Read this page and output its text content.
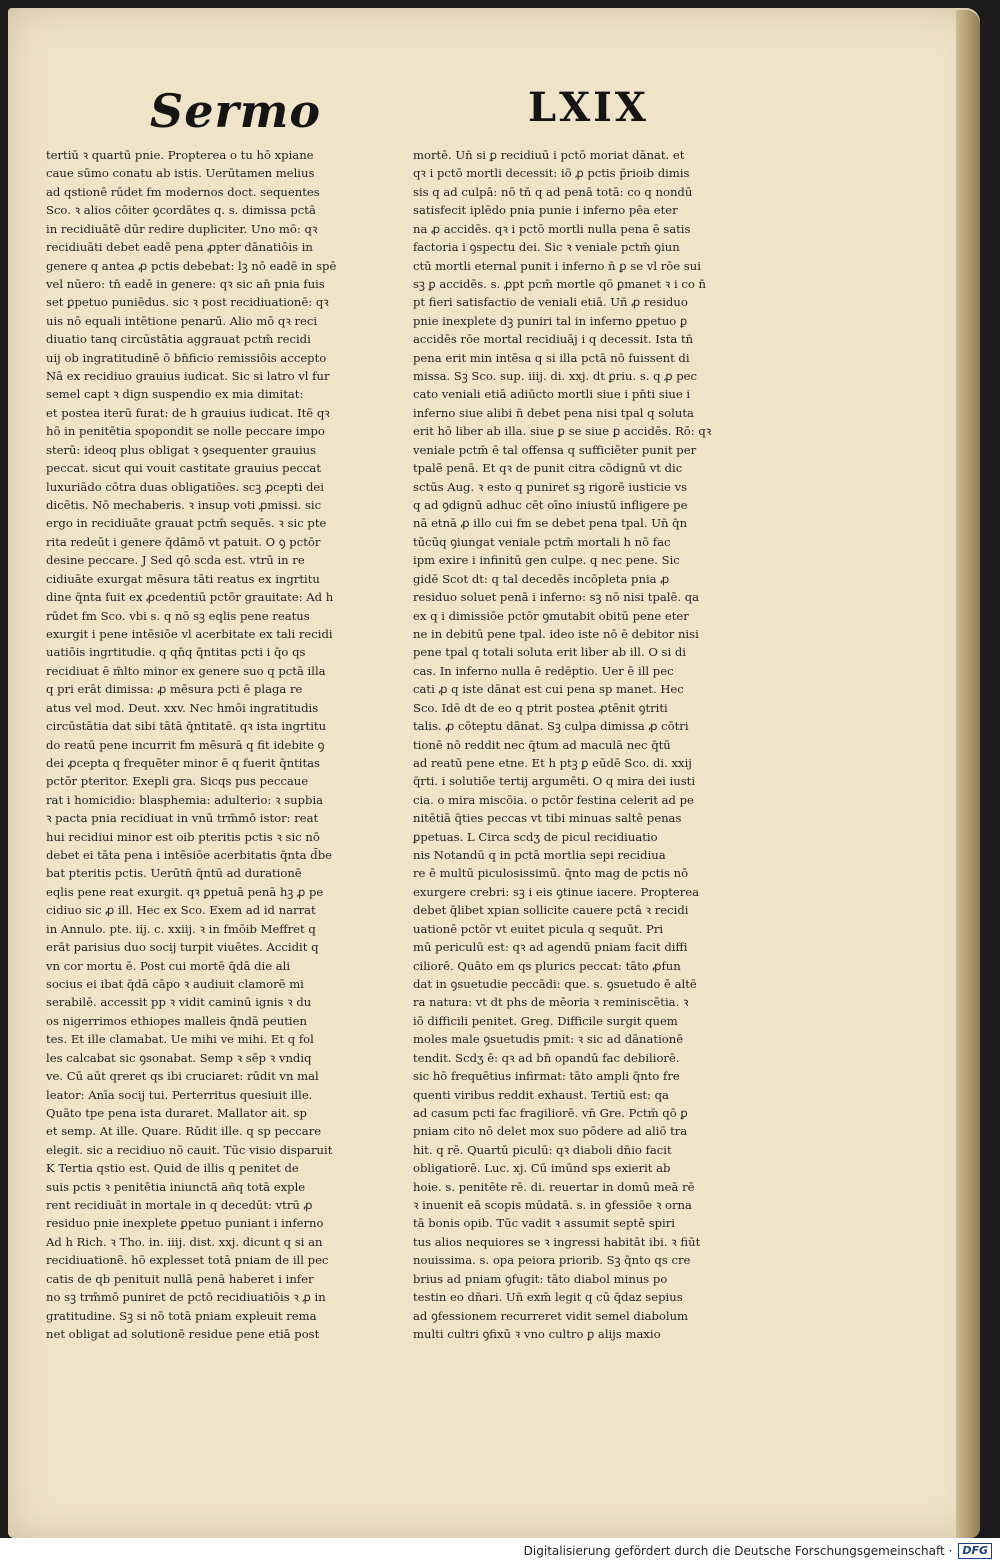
Sermo	LXIX
tertiū ꝛ quartū pnie. Propterea o tu hō xpiane
caue sūmo conatu ab istis. Uerūtamen melius
ad qstionē rūdet fm modernos doct. sequentes
Sco. ꝛ alios cōiter ꝯcordātes q. s. dimissa pctā
in recidiuātē dūr redire dupliciter. Uno mō: qꝛ
recidiuāti debet eadē pena ꝓpter dānatiōis in
genere q antea ꝓ pctis debebat: lꝫ nō eadē in spē
vel nūero: tn̄ eadē in genere: qꝛ sic an̄ pnia fuis
set ꝑpetuo puniēdus. sic ꝛ post recidiuationē: qꝛ
uis nō equali intētione penarū. Alio mō qꝛ reci
diuatio tanq circūstātia aggrauat pctm̄ recidi
uij ob ingratitudinē ō bn̄ficio remissiōis accepto
Nā ex recidiuo grauius iudicat. Sic si latro vl fur
semel capt ꝛ dign suspendio ex mia dimitat:
et postea iterū furat: de h grauius iudicat. Itē qꝛ
hō in penitētia spopondit se nolle peccare impo
sterū: ideoq plus obligat ꝛ ꝯsequenter grauius
peccat. sicut qui vouit castitate grauius peccat
luxuriādo cōtra duas obligatiōes. scꝫ ꝓcepti dei
dicētis. Nō mechaberis. ꝛ insup voti ꝓmissi. sic
ergo in recidiuāte grauat pctm̄ sequēs. ꝛ sic pte
rita redeūt i genere q̄dāmō vt patuit. O ꝯ pctōr
desine peccare. J Sed qō scda est. vtrū in re
cidiuāte exurgat mēsura tāti reatus ex ingrtitu
dine q̄nta fuit ex ꝓcedentiū pctōr grauitate: Ad h
rūdet fm Sco. vbi s. q nō sꝫ eqlis pene reatus
exurgit i pene intēsiōe vl acerbitate ex tali recidi
uatiōis ingrtitudie. q qn̄q q̄ntitas pcti i q̄o qs
recidiuat ē m̄lto minor ex genere suo q pctā illa
q pri erāt dimissa: ꝓ mēsura pcti ē plaga re
atus vel mod. Deut. xxv. Nec hmōi ingratitudis
circūstātia dat sibi tātā q̄ntitatē. qꝛ ista ingrtitu
do reatū pene incurrit fm mēsurā q fit idebite ꝯ
dei ꝓcepta q frequēter minor ē q fuerit q̄ntitas
pctōr pteritor. Exepli gra. Sicqs pus peccaue
rat i homicidio: blasphemia: adulterio: ꝛ supbia
ꝛ pacta pnia recidiuat in vnū trm̄mō istor: reat
hui recidiui minor est oib pteritis pctis ꝛ sic nō
debet ei tāta pena i intēsiōe acerbitatis q̄nta d̄be
bat pteritis pctis. Uerūtn̄ q̄ntū ad durationē
eqlis pene reat exurgit. qꝛ ꝑpetuā penā hꝫ ꝓ pe
cidiuo sic ꝓ ill. Hec ex Sco. Exem ad id narrat
in Annulo. pte. iij. c. xxiij. ꝛ in fmōib Meffret q
erāt parisius duo socij turpit viuētes. Accidit q
vn cor mortu ē. Post cui mortē q̄dā die ali
socius ei ibat q̄dā cāpo ꝛ audiuit clamorē mi
serabilē. accessit pp ꝛ vidit caminū ignis ꝛ du
os nigerrimos ethiopes malleis q̄ndā peutien
tes. Et ille clamabat. Ue mihi ve mihi. Et q fol
les calcabat sic ꝯsonabat. Semp ꝛ sēp ꝛ vndiq
ve. Cū aūt qreret qs ibi cruciaret: rūdit vn mal
leator: Anīa socij tui. Perterritus quesiuit ille.
Quāto tpe pena ista duraret. Mallator ait. sp
et semp. At ille. Quare. Rūdit ille. q sp peccare
elegit. sic a recidiuo nō cauit. Tūc visio disparuit
K Tertia qstio est. Quid de illis q penitet de
suis pctis ꝛ penitētia iniunctā añq totā exple
rent recidiuāt in mortale in q decedūt: vtrū ꝓ
residuo pnie inexplete ꝑpetuo puniant i inferno
Ad h Rich. ꝛ Tho. in. iiij. dist. xxj. dicunt q si an
recidiuationē. hō explesset totā pniam de ill pec
catis de qb penituit nullā penā haberet i infer
no sꝫ trm̄mō puniret de pctō recidiuatiōis ꝛ ꝓ in
gratitudine. Sꝫ si nō totā pniam expleuit rema
net obligat ad solutionē residue pene etiā post
mortē. Un̄ si ꝑ recidiuū i pctō moriat dānat. et
qꝛ i pctō mortli decessit: iō ꝓ pctis p̄rioib dimis
sis q ad culpā: nō tn̄ q ad penā totā: co q nondū
satisfecit iplēdo pnia punie i inferno pēa eter
na ꝓ accidēs. qꝛ i pctō mortli nulla pena ē satis
factoria i ꝯspectu dei. Sic ꝛ veniale pctm̄ ꝯiun
ctū mortli eternal punit i inferno n̄ ꝑ se vl rōe sui
sꝫ ꝑ accidēs. s. ꝓpt pcm̄ mortle qō ꝑmanet ꝛ i co n̄
pt fieri satisfactio de veniali etiā. Un̄ ꝓ residuo
pnie inexplete dꝫ puniri tal in inferno ꝑpetuo ꝑ
accidēs rōe mortal recidiuāj i q decessit. Ista tn̄
pena erit min intēsa q si illa pctā nō fuissent di
missa. Sꝫ Sco. sup. iiij. di. xxj. dt ꝑriu. s. q ꝓ pec
cato veniali etiā adiūcto mortli siue i pn̄ti siue i
inferno siue alibi n̄ debet pena nisi tpal q soluta
erit hō liber ab illa. siue ꝑ se siue ꝑ accidēs. Rō: qꝛ
veniale pctm̄ ē tal offensa q sufficiēter punit per
tpalē penā. Et qꝛ de punit citra cōdignū vt dic
sctūs Aug. ꝛ esto q puniret sꝫ rigorē iusticie vs
q ad ꝯdignū adhuc cēt oīno iniustū infligere pe
nā etnā ꝓ illo cui fm se debet pena tpal. Un̄ q̄n
tūcūq ꝯiungat veniale pctm̄ mortali h nō fac
ipm exire i infinitū gen culpe. q nec pene. Sic
gidē Scot dt: q tal decedēs incōpleta pnia ꝓ
residuo soluet penā i inferno: sꝫ nō nisi tpalē. qa
ex q i dimissiōe pctōr ꝯmutabit obitū pene eter
ne in debitū pene tpal. ideo iste nō ē debitor nisi
pene tpal q totali soluta erit liber ab ill. O si di
cas. In inferno nulla ē redēptio. Uer ē ill pec
cati ꝓ q iste dānat est cui pena sp manet. Hec
Sco. Idē dt de eo q ptrit postea ꝓtēnit ꝯtriti
talis. ꝓ cōteptu dānat. Sꝫ culpa dimissa ꝓ cōtri
tionē nō reddit nec q̄tum ad maculā nec q̄tū
ad reatū pene etne. Et h ptꝫ ꝑ eūdē Sco. di. xxij
q̄rti. i solutiōe tertij argumēti. O q mira dei iusti
cia. o mira miscōia. o pctōr festina celerit ad pe
nitētiā q̄ties peccas vt tibi minuas saltē penas
ꝑpetuas. L Circa scdʒ de picul recidiuatio
nis Notandū q in pctā mortlia sepi recidiua
re ē multū piculosissimū. q̄nto mag de pctis nō
exurgere crebri: sꝫ i eis ꝯtinue iacere. Propterea
debet q̄libet xpian sollicite cauere pctā ꝛ recidi
uationē pctōr vt euitet picula q sequūt. Pri
mū periculū est: qꝛ ad agendū pniam facit diffi
ciliorē. Quāto em qs plurics peccat: tāto ꝓfun
dat in ꝯsuetudie peccādi: que. s. ꝯsuetudo ē altē
ra natura: vt dt phs de mēoria ꝛ reminiscētia. ꝛ
iō difficili penitet. Greg. Difficile surgit quem
moles male ꝯsuetudis pmit: ꝛ sic ad dānationē
tendit. Scdʒ ē: qꝛ ad bn̄ opandū fac debiliorē.
sic hō frequētius infirmat: tāto ampli q̄nto fre
quenti viribus reddit exhaust. Tertiū est: qa
ad casum pcti fac fragiliorē. vn̄ Gre. Pctm̄ qō ꝑ
pniam cito nō delet mox suo pōdere ad aliō tra
hit. q rē. Quartū piculū: qꝛ diaboli dn̄io facit
obligatiorē. Luc. xj. Cū imūnd sps exierit ab
hoie. s. penitēte rē. di. reuertar in domū meā rē
ꝛ inuenit eā scopis mūdatā. s. in ꝯfessiōe ꝛ orna
tā bonis opib. Tūc vadit ꝛ assumit septē spiri
tus alios nequiores se ꝛ ingressi habitāt ibi. ꝛ fiūt
nouissima. s. opa peiora priorib. Sꝫ q̄nto qs cre
brius ad pniam ꝯfugit: tāto diabol minus po
testin eo dn̄ari. Un̄ exm̄ legit q cū q̄daz sepius
ad ꝯfessionem recurreret vidit semel diabolum
multi cultri ꝯfixū ꝛ vno cultro ꝑ alijs maxio
Digitalisierung gefördert durch die Deutsche Forschungsgemeinschaft · DFG
